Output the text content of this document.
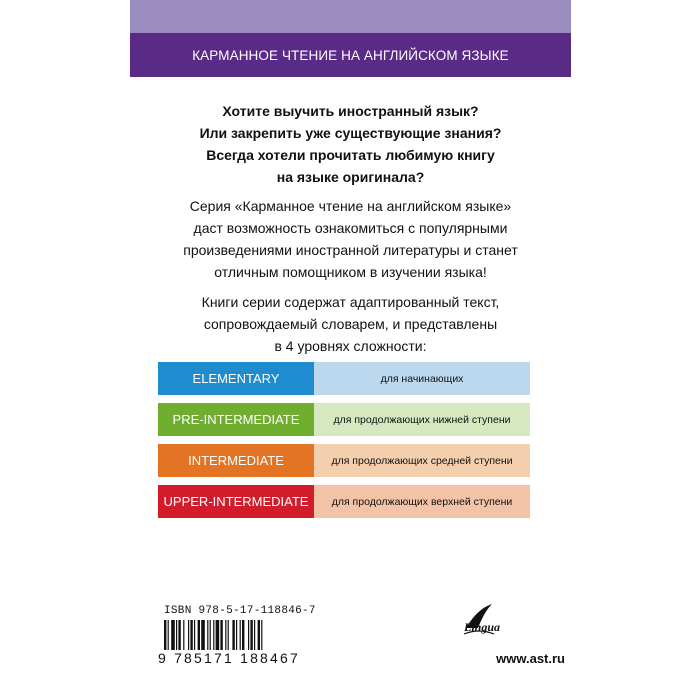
КАРМАННОЕ ЧТЕНИЕ НА АНГЛИЙСКОМ ЯЗЫКЕ
Хотите выучить иностранный язык?
Или закрепить уже существующие знания?
Всегда хотели прочитать любимую книгу
на языке оригинала?
Серия «Карманное чтение на английском языке»
даст возможность ознакомиться с популярными
произведениями иностранной литературы и станет
отличным помощником в изучении языка!
Книги серии содержат адаптированный текст,
сопровождаемый словарем, и представлены
в 4 уровнях сложности:
ELEMENTARY	для начинающих
PRE-INTERMEDIATE	для продолжающих нижней ступени
INTERMEDIATE	для продолжающих средней ступени
UPPER-INTERMEDIATE	для продолжающих верхней ступени
ISBN 978-5-17-118846-7
9 785171 188467
Lingua
www.ast.ru
